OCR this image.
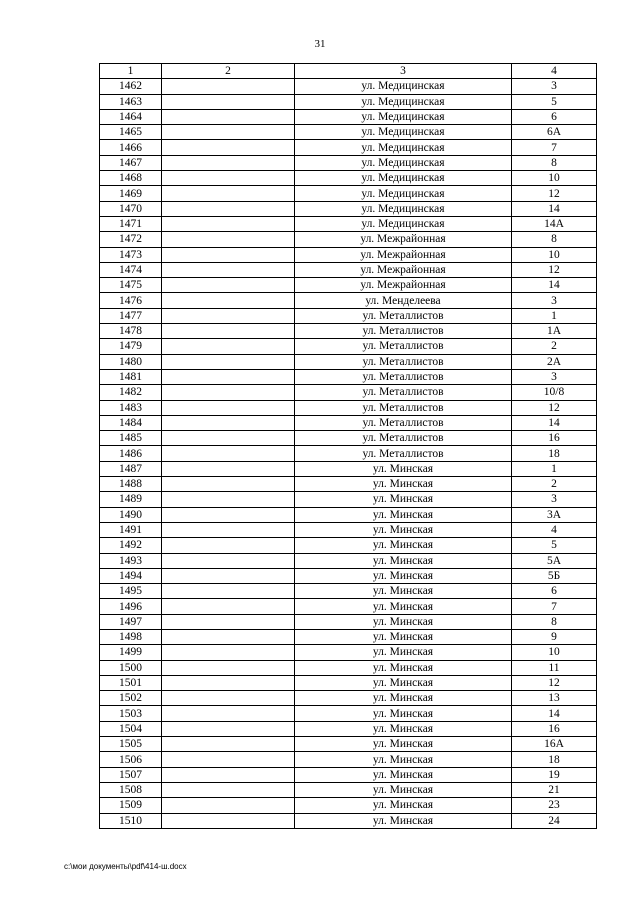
31
1	2	3	4
1462		ул. Медицинская	3
1463		ул. Медицинская	5
1464		ул. Медицинская	6
1465		ул. Медицинская	6А
1466		ул. Медицинская	7
1467		ул. Медицинская	8
1468		ул. Медицинская	10
1469		ул. Медицинская	12
1470		ул. Медицинская	14
1471		ул. Медицинская	14А
1472		ул. Межрайонная	8
1473		ул. Межрайонная	10
1474		ул. Межрайонная	12
1475		ул. Межрайонная	14
1476		ул. Менделеева	3
1477		ул. Металлистов	1
1478		ул. Металлистов	1А
1479		ул. Металлистов	2
1480		ул. Металлистов	2А
1481		ул. Металлистов	3
1482		ул. Металлистов	10/8
1483		ул. Металлистов	12
1484		ул. Металлистов	14
1485		ул. Металлистов	16
1486		ул. Металлистов	18
1487		ул. Минская	1
1488		ул. Минская	2
1489		ул. Минская	3
1490		ул. Минская	3А
1491		ул. Минская	4
1492		ул. Минская	5
1493		ул. Минская	5А
1494		ул. Минская	5Б
1495		ул. Минская	6
1496		ул. Минская	7
1497		ул. Минская	8
1498		ул. Минская	9
1499		ул. Минская	10
1500		ул. Минская	11
1501		ул. Минская	12
1502		ул. Минская	13
1503		ул. Минская	14
1504		ул. Минская	16
1505		ул. Минская	16А
1506		ул. Минская	18
1507		ул. Минская	19
1508		ул. Минская	21
1509		ул. Минская	23
1510		ул. Минская	24
c:\мои документы\pdf\414-ш.docx
